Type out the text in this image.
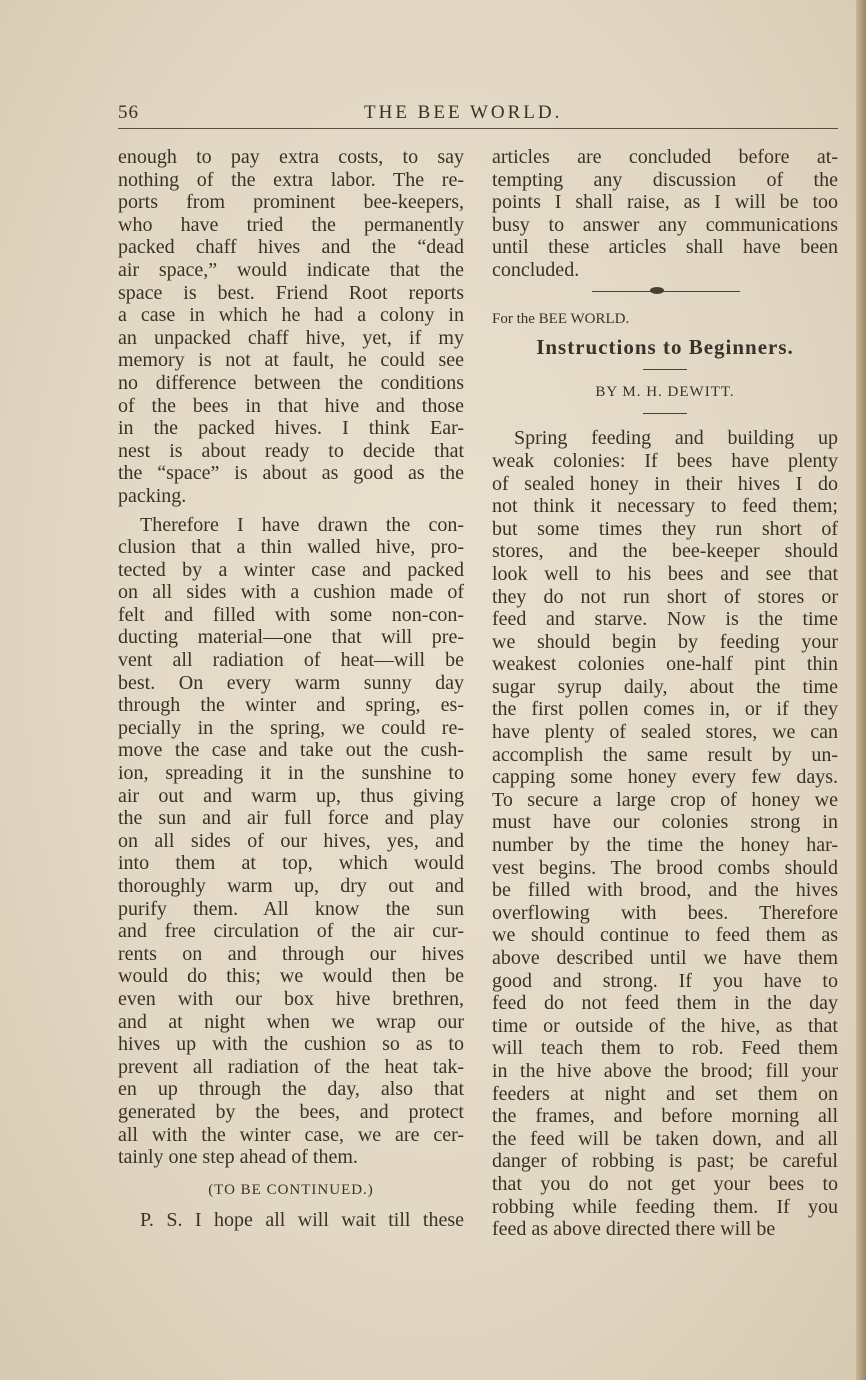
56	THE BEE WORLD.
enough to pay extra costs, to say
nothing of the extra labor. The re-
ports from prominent bee-keepers,
who have tried the permanently
packed chaff hives and the “dead
air space,” would indicate that the
space is best. Friend Root reports
a case in which he had a colony in
an unpacked chaff hive, yet, if my
memory is not at fault, he could see
no difference between the conditions
of the bees in that hive and those
in the packed hives. I think Ear-
nest is about ready to decide that
the “space” is about as good as the
packing.
Therefore I have drawn the con-
clusion that a thin walled hive, pro-
tected by a winter case and packed
on all sides with a cushion made of
felt and filled with some non-con-
ducting material—one that will pre-
vent all radiation of heat—will be
best. On every warm sunny day
through the winter and spring, es-
pecially in the spring, we could re-
move the case and take out the cush-
ion, spreading it in the sunshine to
air out and warm up, thus giving
the sun and air full force and play
on all sides of our hives, yes, and
into them at top, which would
thoroughly warm up, dry out and
purify them. All know the sun
and free circulation of the air cur-
rents on and through our hives
would do this; we would then be
even with our box hive brethren,
and at night when we wrap our
hives up with the cushion so as to
prevent all radiation of the heat tak-
en up through the day, also that
generated by the bees, and protect
all with the winter case, we are cer-
tainly one step ahead of them.
(TO BE CONTINUED.)
P. S. I hope all will wait till these
articles are concluded before at-
tempting any discussion of the
points I shall raise, as I will be too
busy to answer any communications
until these articles shall have been
concluded.
For the BEE WORLD.
Instructions to Beginners.
BY M. H. DEWITT.
Spring feeding and building up
weak colonies: If bees have plenty
of sealed honey in their hives I do
not think it necessary to feed them;
but some times they run short of
stores, and the bee-keeper should
look well to his bees and see that
they do not run short of stores or
feed and starve. Now is the time
we should begin by feeding your
weakest colonies one-half pint thin
sugar syrup daily, about the time
the first pollen comes in, or if they
have plenty of sealed stores, we can
accomplish the same result by un-
capping some honey every few days.
To secure a large crop of honey we
must have our colonies strong in
number by the time the honey har-
vest begins. The brood combs should
be filled with brood, and the hives
overflowing with bees. Therefore
we should continue to feed them as
above described until we have them
good and strong. If you have to
feed do not feed them in the day
time or outside of the hive, as that
will teach them to rob. Feed them
in the hive above the brood; fill your
feeders at night and set them on
the frames, and before morning all
the feed will be taken down, and all
danger of robbing is past; be careful
that you do not get your bees to
robbing while feeding them. If you
feed as above directed there will be
